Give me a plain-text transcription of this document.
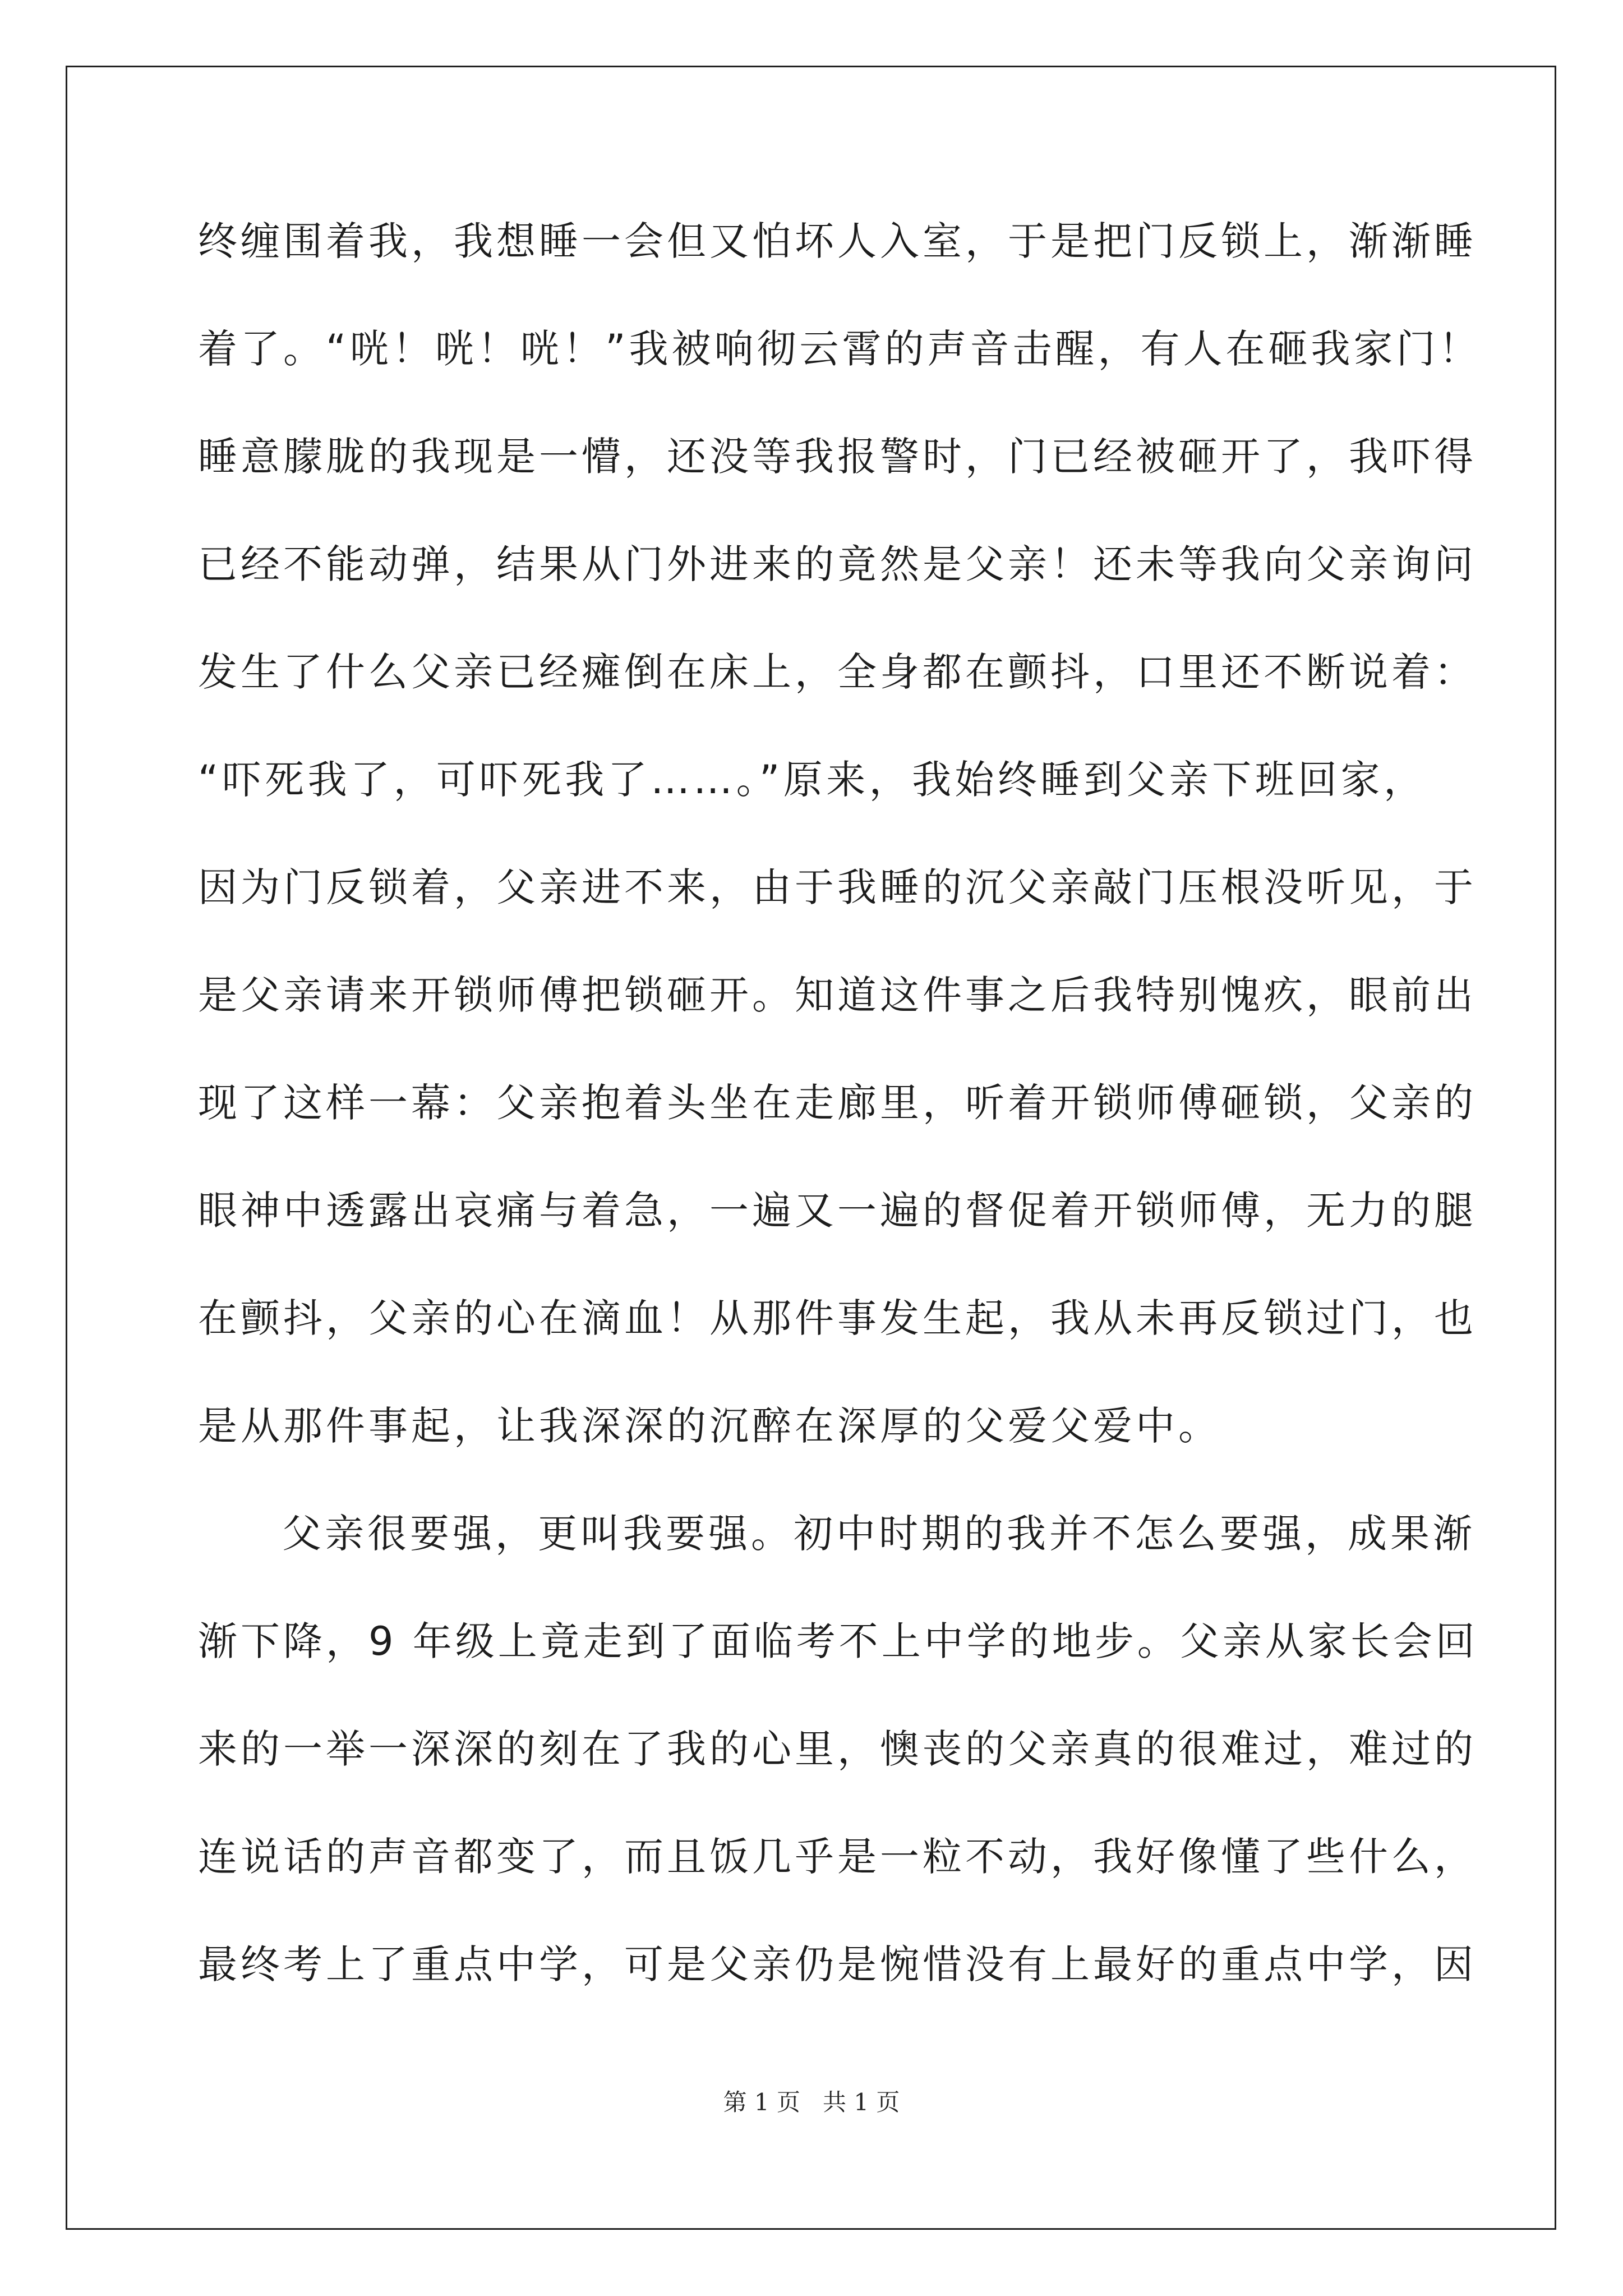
终缠围着我，我想睡一会但又怕坏人入室，于是把门反锁上，渐渐睡
着了。“咣！咣！咣！”我被响彻云霄的声音击醒，有人在砸我家门！
睡意朦胧的我现是一懵，还没等我报警时，门已经被砸开了，我吓得
已经不能动弹，结果从门外进来的竟然是父亲！还未等我向父亲询问
发生了什么父亲已经瘫倒在床上，全身都在颤抖，口里还不断说着：
“吓死我了，可吓死我了……。”原来，我始终睡到父亲下班回家，
因为门反锁着，父亲进不来，由于我睡的沉父亲敲门压根没听见，于
是父亲请来开锁师傅把锁砸开。知道这件事之后我特别愧疚，眼前出
现了这样一幕：父亲抱着头坐在走廊里，听着开锁师傅砸锁，父亲的
眼神中透露出哀痛与着急，一遍又一遍的督促着开锁师傅，无力的腿
在颤抖，父亲的心在滴血！从那件事发生起，我从未再反锁过门，也
是从那件事起，让我深深的沉醉在深厚的父爱父爱中。
父亲很要强，更叫我要强。初中时期的我并不怎么要强，成果渐
渐下降，9 年级上竟走到了面临考不上中学的地步。父亲从家长会回
来的一举一深深的刻在了我的心里，懊丧的父亲真的很难过，难过的
连说话的声音都变了，而且饭几乎是一粒不动，我好像懂了些什么，
最终考上了重点中学，可是父亲仍是惋惜没有上最好的重点中学，因
第 1 页 共 1 页
